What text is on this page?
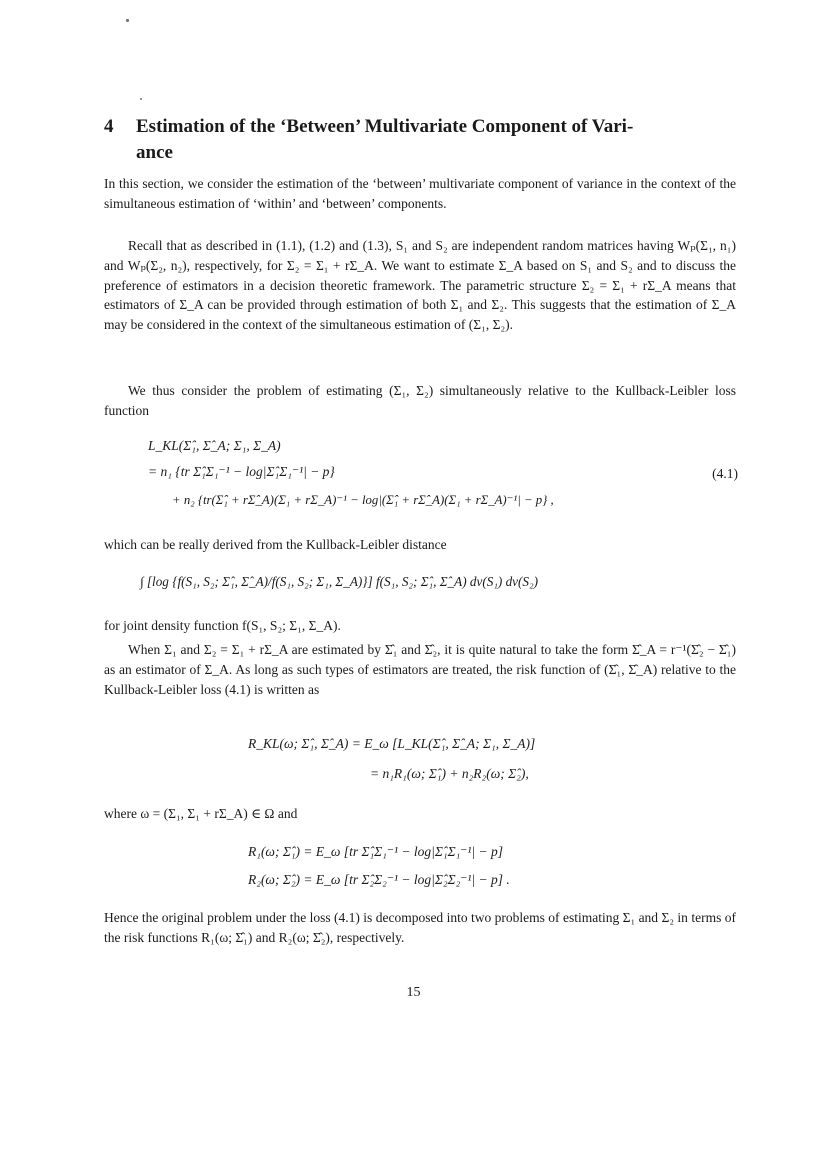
4 Estimation of the ‘Between’ Multivariate Component of Vari-
ance

In this section, we consider the estimation of the ‘between’ multivariate component of variance in the context of the simultaneous estimation of ‘within’ and ‘between’ components.

Recall that as described in (1.1), (1.2) and (1.3), S₁ and S₂ are independent random matrices having Wₚ(Σ₁, n₁) and Wₚ(Σ₂, n₂), respectively, for Σ₂ = Σ₁ + rΣ_A. We want to estimate Σ_A based on S₁ and S₂ and to discuss the preference of estimators in a decision theoretic framework. The parametric structure Σ₂ = Σ₁ + rΣ_A means that estimators of Σ_A can be provided through estimation of both Σ₁ and Σ₂. This suggests that the estimation of Σ_A may be considered in the context of the simultaneous estimation of (Σ₁, Σ₂).

We thus consider the problem of estimating (Σ₁, Σ₂) simultaneously relative to the Kullback-Leibler loss function

L_KL(Σ̂₁, Σ̂_A; Σ₁, Σ_A)
= n₁ {tr Σ̂₁Σ₁⁻¹ − log|Σ̂₁Σ₁⁻¹| − p}
+ n₂ {tr(Σ̂₁ + rΣ̂_A)(Σ₁ + rΣ_A)⁻¹ − log|(Σ̂₁ + rΣ̂_A)(Σ₁ + rΣ_A)⁻¹| − p} ,
(4.1)

which can be really derived from the Kullback-Leibler distance

∫ [log {f(S₁, S₂; Σ̂₁, Σ̂_A)/f(S₁, S₂; Σ₁, Σ_A)}] f(S₁, S₂; Σ̂₁, Σ̂_A) dν(S₁) dν(S₂)

for joint density function f(S₁, S₂; Σ₁, Σ_A).

When Σ₁ and Σ₂ = Σ₁ + rΣ_A are estimated by Σ̂₁ and Σ̂₂, it is quite natural to take the form Σ̂_A = r⁻¹(Σ̂₂ − Σ̂₁) as an estimator of Σ_A. As long as such types of estimators are treated, the risk function of (Σ̂₁, Σ̂_A) relative to the Kullback-Leibler loss (4.1) is written as

R_KL(ω; Σ̂₁, Σ̂_A) = E_ω [L_KL(Σ̂₁, Σ̂_A; Σ₁, Σ_A)]
= n₁R₁(ω; Σ̂₁) + n₂R₂(ω; Σ̂₂),

where ω = (Σ₁, Σ₁ + rΣ_A) ∈ Ω and

R₁(ω; Σ̂₁) = E_ω [tr Σ̂₁Σ₁⁻¹ − log|Σ̂₁Σ₁⁻¹| − p]
R₂(ω; Σ̂₂) = E_ω [tr Σ̂₂Σ₂⁻¹ − log|Σ̂₂Σ₂⁻¹| − p] .

Hence the original problem under the loss (4.1) is decomposed into two problems of estimating Σ₁ and Σ₂ in terms of the risk functions R₁(ω; Σ̂₁) and R₂(ω; Σ̂₂), respectively.

15
